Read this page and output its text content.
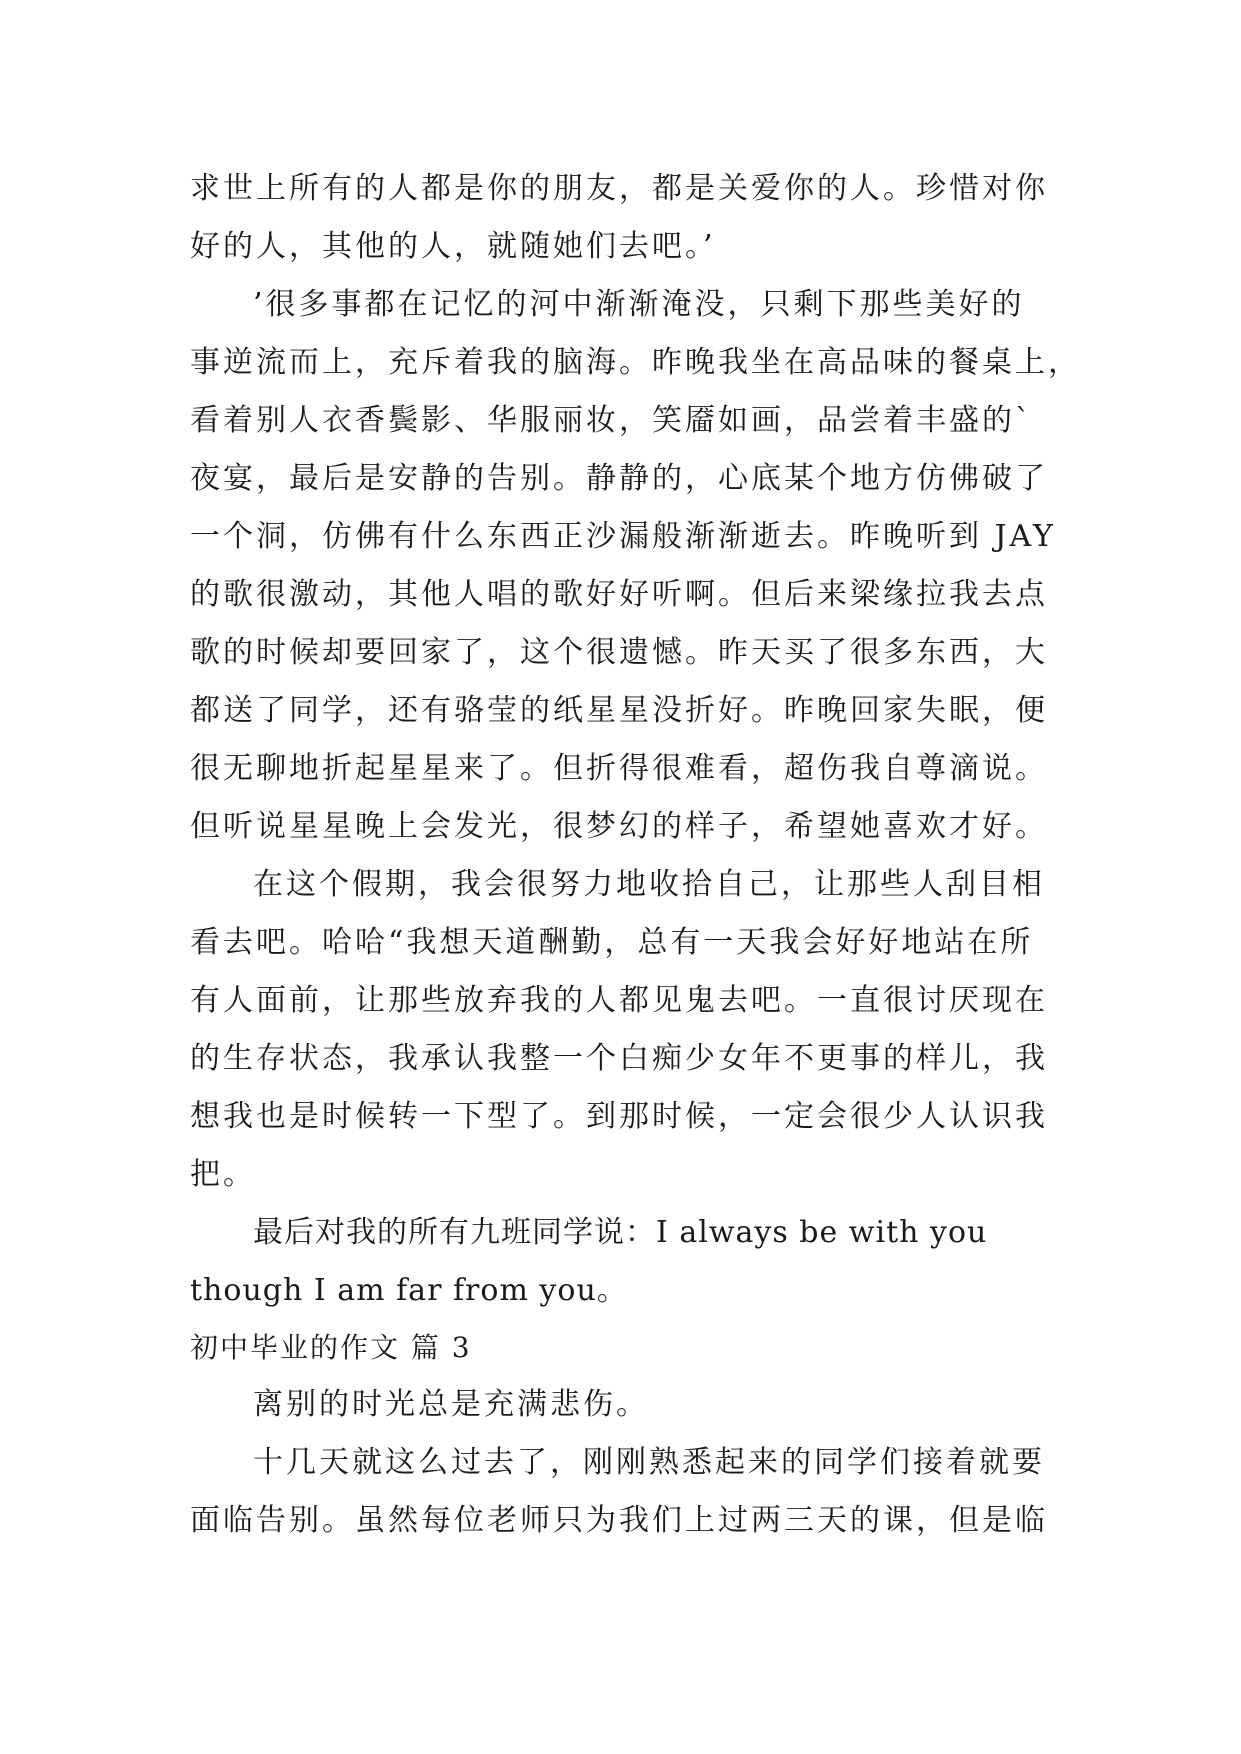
求世上所有的人都是你的朋友，都是关爱你的人。珍惜对你
好的人，其他的人，就随她们去吧。’
’很多事都在记忆的河中渐渐淹没，只剩下那些美好的
事逆流而上，充斥着我的脑海。昨晚我坐在高品味的餐桌上，
看着别人衣香鬓影、华服丽妆，笑靥如画，品尝着丰盛的`
夜宴，最后是安静的告别。静静的，心底某个地方仿佛破了
一个洞，仿佛有什么东西正沙漏般渐渐逝去。昨晚听到 JAY
的歌很激动，其他人唱的歌好好听啊。但后来梁缘拉我去点
歌的时候却要回家了，这个很遗憾。昨天买了很多东西，大
都送了同学，还有骆莹的纸星星没折好。昨晚回家失眠，便
很无聊地折起星星来了。但折得很难看，超伤我自尊滴说。
但听说星星晚上会发光，很梦幻的样子，希望她喜欢才好。
在这个假期，我会很努力地收拾自己，让那些人刮目相
看去吧。哈哈“我想天道酬勤，总有一天我会好好地站在所
有人面前，让那些放弃我的人都见鬼去吧。一直很讨厌现在
的生存状态，我承认我整一个白痴少女年不更事的样儿，我
想我也是时候转一下型了。到那时候，一定会很少人认识我
把。
最后对我的所有九班同学说：I always be with you
though I am far from you。
初中毕业的作文 篇 3
离别的时光总是充满悲伤。
十几天就这么过去了，刚刚熟悉起来的同学们接着就要
面临告别。虽然每位老师只为我们上过两三天的课，但是临
